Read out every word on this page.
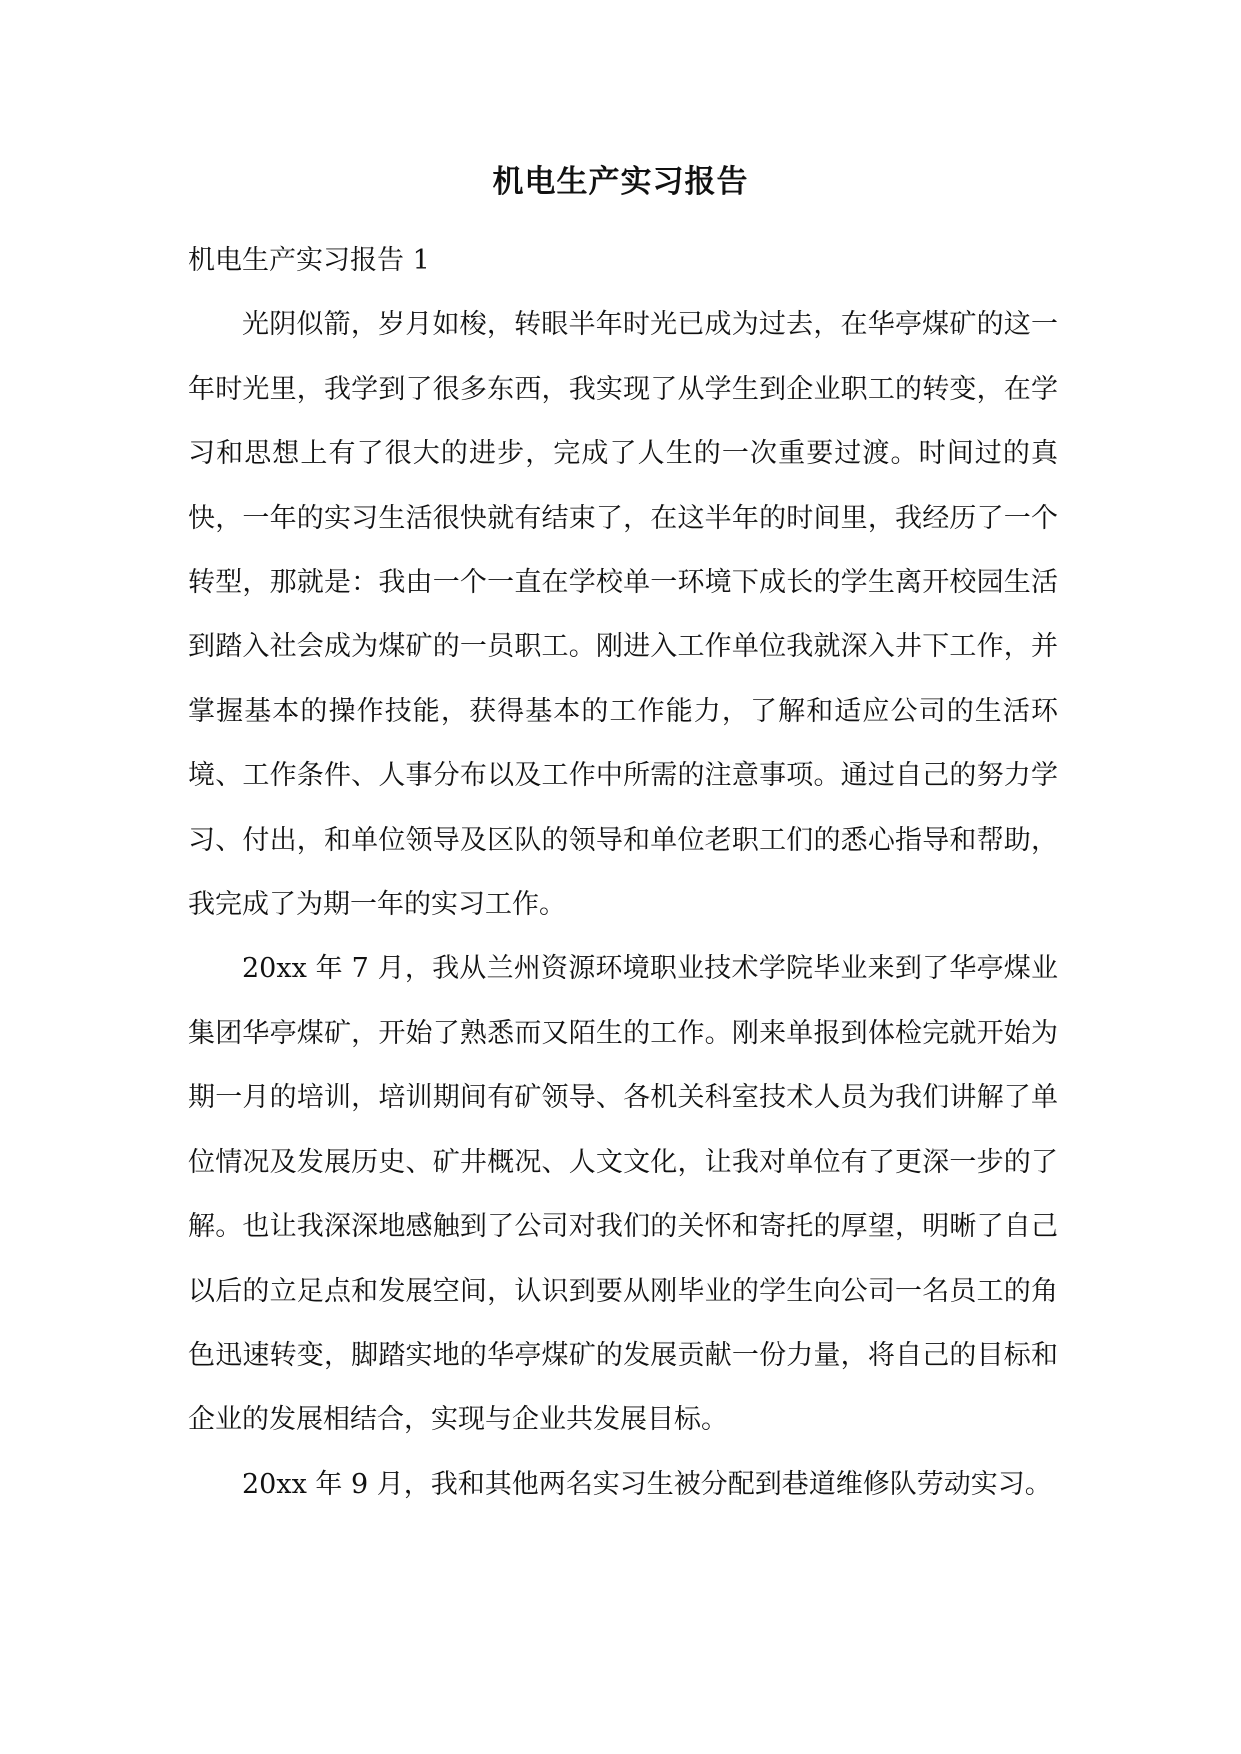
机电生产实习报告

机电生产实习报告 1

光阴似箭，岁月如梭，转眼半年时光已成为过去，在华亭煤矿的这一年时光里，我学到了很多东西，我实现了从学生到企业职工的转变，在学习和思想上有了很大的进步，完成了人生的一次重要过渡。时间过的真快，一年的实习生活很快就有结束了，在这半年的时间里，我经历了一个转型，那就是：我由一个一直在学校单一环境下成长的学生离开校园生活到踏入社会成为煤矿的一员职工。刚进入工作单位我就深入井下工作，并掌握基本的操作技能，获得基本的工作能力，了解和适应公司的生活环境、工作条件、人事分布以及工作中所需的注意事项。通过自己的努力学习、付出，和单位领导及区队的领导和单位老职工们的悉心指导和帮助，我完成了为期一年的实习工作。

20xx 年 7 月，我从兰州资源环境职业技术学院毕业来到了华亭煤业集团华亭煤矿，开始了熟悉而又陌生的工作。刚来单报到体检完就开始为期一月的培训，培训期间有矿领导、各机关科室技术人员为我们讲解了单位情况及发展历史、矿井概况、人文文化，让我对单位有了更深一步的了解。也让我深深地感触到了公司对我们的关怀和寄托的厚望，明晰了自己以后的立足点和发展空间，认识到要从刚毕业的学生向公司一名员工的角色迅速转变，脚踏实地的华亭煤矿的发展贡献一份力量，将自己的目标和企业的发展相结合，实现与企业共发展目标。

20xx 年 9 月，我和其他两名实习生被分配到巷道维修队劳动实习。
